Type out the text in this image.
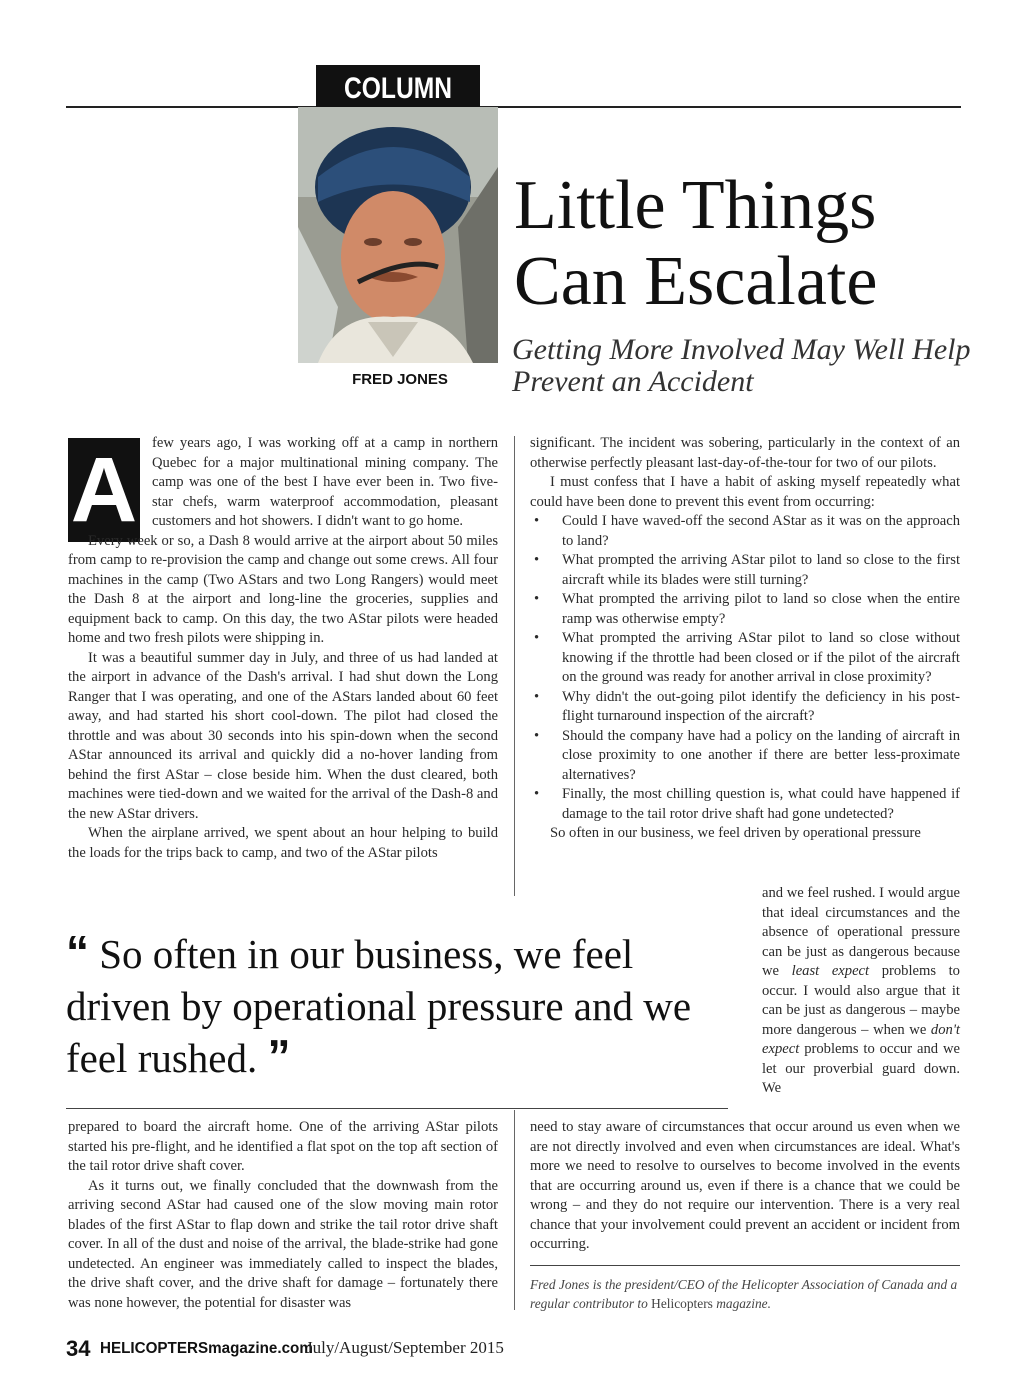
COLUMN
FRED JONES
Little Things
Can Escalate
Getting More Involved May Well Help
Prevent an Accident
A few years ago, I was working off at a camp in northern Quebec for a major multinational mining company. The camp was one of the best I have ever been in. Two five-star chefs, warm waterproof accommodation, pleasant customers and hot showers. I didn't want to go home.

Every week or so, a Dash 8 would arrive at the airport about 50 miles from camp to re-provision the camp and change out some crews. All four machines in the camp (Two AStars and two Long Rangers) would meet the Dash 8 at the airport and long-line the groceries, supplies and equipment back to camp. On this day, the two AStar pilots were headed home and two fresh pilots were shipping in.

It was a beautiful summer day in July, and three of us had landed at the airport in advance of the Dash's arrival. I had shut down the Long Ranger that I was operating, and one of the AStars landed about 60 feet away, and had started his short cool-down. The pilot had closed the throttle and was about 30 seconds into his spin-down when the second AStar announced its arrival and quickly did a no-hover landing from behind the first AStar – close beside him. When the dust cleared, both machines were tied-down and we waited for the arrival of the Dash-8 and the new AStar drivers.

When the airplane arrived, we spent about an hour helping to build the loads for the trips back to camp, and two of the AStar pilots

significant. The incident was sobering, particularly in the context of an otherwise perfectly pleasant last-day-of-the-tour for two of our pilots.

I must confess that I have a habit of asking myself repeatedly what could have been done to prevent this event from occurring:

• Could I have waved-off the second AStar as it was on the approach to land?
• What prompted the arriving AStar pilot to land so close to the first aircraft while its blades were still turning?
• What prompted the arriving pilot to land so close when the entire ramp was otherwise empty?
• What prompted the arriving AStar pilot to land so close without knowing if the throttle had been closed or if the pilot of the aircraft on the ground was ready for another arrival in close proximity?
• Why didn't the out-going pilot identify the deficiency in his post-flight turnaround inspection of the aircraft?
• Should the company have had a policy on the landing of aircraft in close proximity to one another if there are better less-proximate alternatives?
• Finally, the most chilling question is, what could have happened if damage to the tail rotor drive shaft had gone undetected?

So often in our business, we feel driven by operational pressure

and we feel rushed. I would argue that ideal circumstances and the absence of operational pressure can be just as dangerous because we least expect problems to occur. I would also argue that it can be just as dangerous – maybe more dangerous – when we don't expect problems to occur and we let our proverbial guard down. We
“ So often in our business, we feel driven by operational pressure and we feel rushed. ”

prepared to board the aircraft home. One of the arriving AStar pilots started his pre-flight, and he identified a flat spot on the top aft section of the tail rotor drive shaft cover.

As it turns out, we finally concluded that the downwash from the arriving second AStar had caused one of the slow moving main rotor blades of the first AStar to flap down and strike the tail rotor drive shaft cover. In all of the dust and noise of the arrival, the blade-strike had gone undetected. An engineer was immediately called to inspect the blades, the drive shaft cover, and the drive shaft for damage – fortunately there was none however, the potential for disaster was

need to stay aware of circumstances that occur around us even when we are not directly involved and even when circumstances are ideal. What's more we need to resolve to ourselves to become involved in the events that are occurring around us, even if there is a chance that we could be wrong – and they do not require our intervention. There is a very real chance that your involvement could prevent an accident or incident from occurring.

Fred Jones is the president/CEO of the Helicopter Association of Canada and a regular contributor to Helicopters magazine.
34 HELICOPTERSmagazine.com
July/August/September 2015
